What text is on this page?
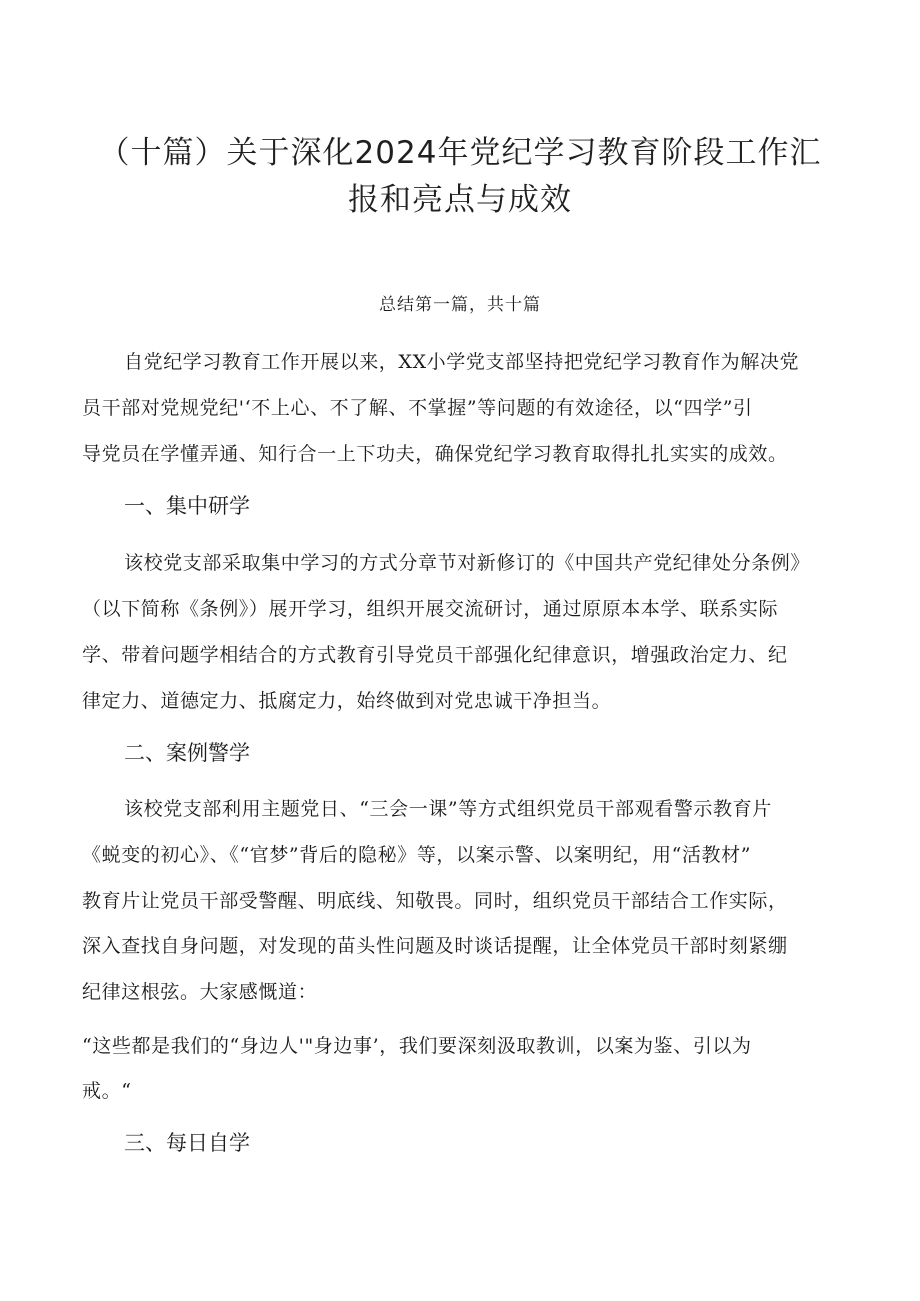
（十篇）关于深化2024年党纪学习教育阶段工作汇
报和亮点与成效
总结第一篇，共十篇
自党纪学习教育工作开展以来，XX小学党支部坚持把党纪学习教育作为解决党
员干部对党规党纪'‘不上心、不了解、不掌握”等问题的有效途径，以“四学”引
导党员在学懂弄通、知行合一上下功夫，确保党纪学习教育取得扎扎实实的成效。
一、集中研学
该校党支部采取集中学习的方式分章节对新修订的《中国共产党纪律处分条例》
（以下简称《条例》）展开学习，组织开展交流研讨，通过原原本本学、联系实际
学、带着问题学相结合的方式教育引导党员干部强化纪律意识，增强政治定力、纪
律定力、道德定力、抵腐定力，始终做到对党忠诚干净担当。
二、案例警学
该校党支部利用主题党日、“三会一课”等方式组织党员干部观看警示教育片
《蜕变的初心》、《“官梦”背后的隐秘》等，以案示警、以案明纪，用“活教材”
教育片让党员干部受警醒、明底线、知敬畏。同时，组织党员干部结合工作实际，
深入查找自身问题，对发现的苗头性问题及时谈话提醒，让全体党员干部时刻紧绷
纪律这根弦。大家感慨道：
“这些都是我们的“身边人'"身边事’，我们要深刻汲取教训，以案为鉴、引以为
戒。“
三、每日自学
